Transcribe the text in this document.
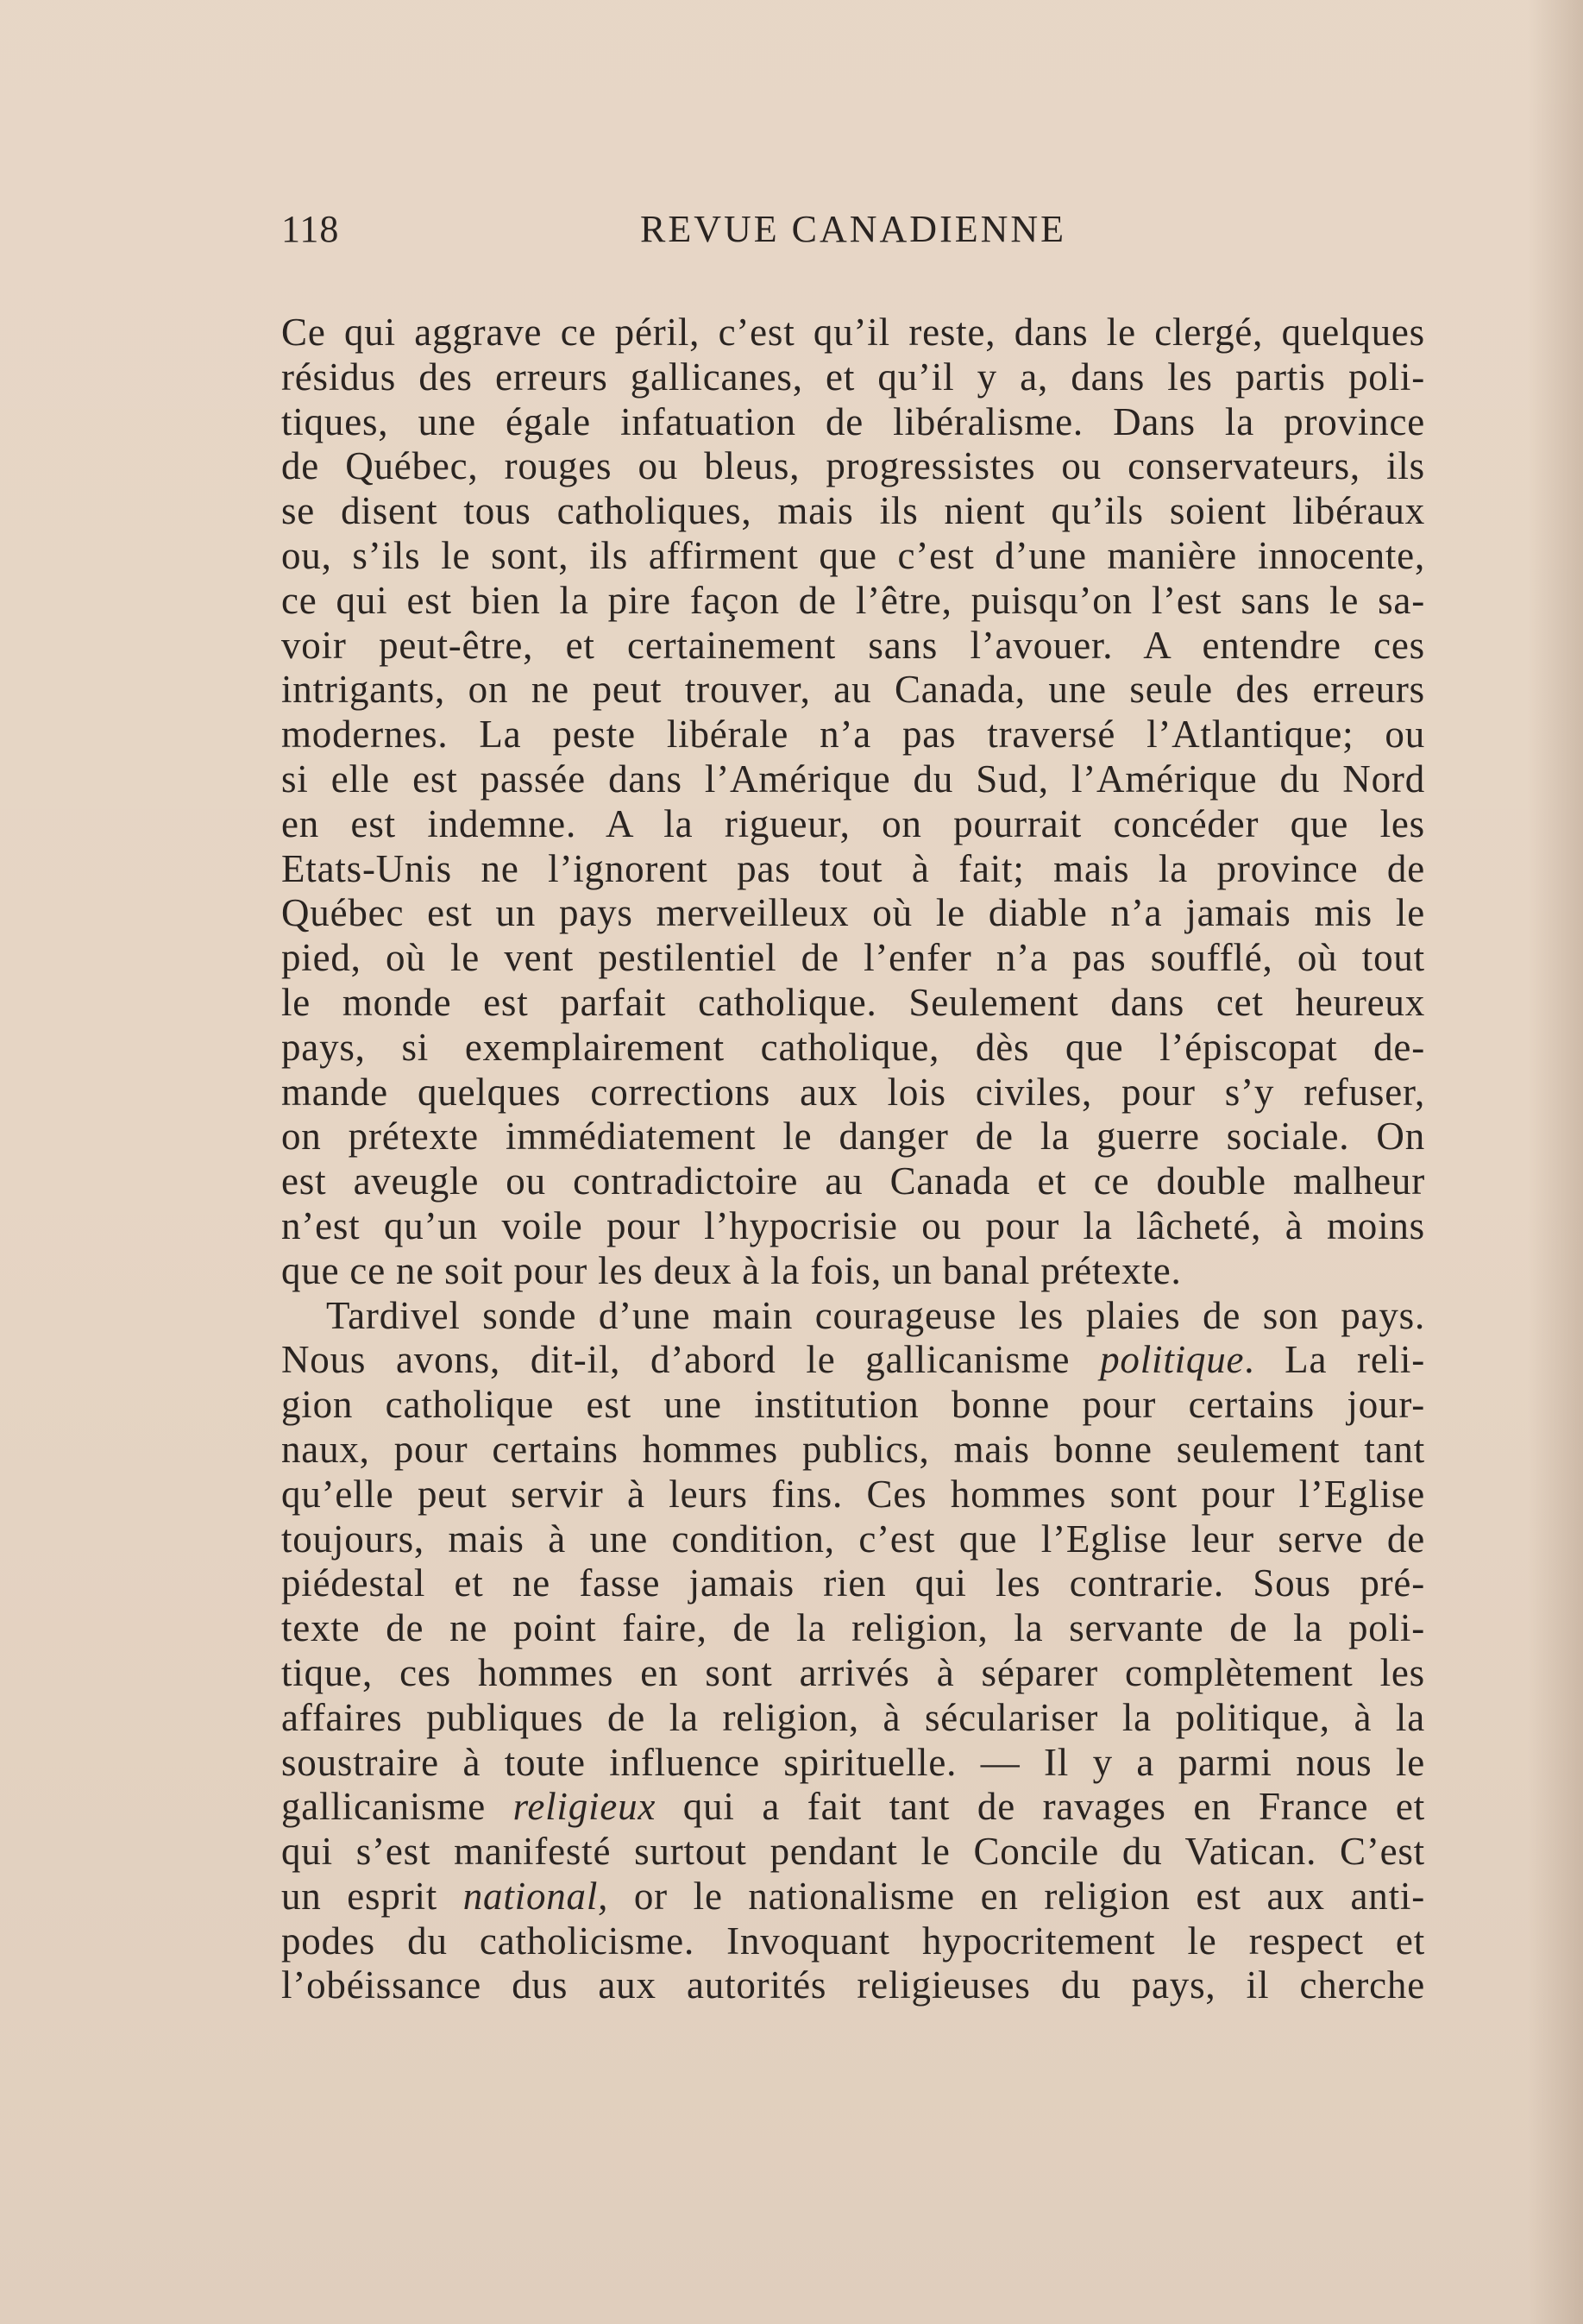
118	REVUE CANADIENNE
Ce qui aggrave ce péril, c’est qu’il reste, dans le clergé, quelques
résidus des erreurs gallicanes, et qu’il y a, dans les partis poli-
tiques, une égale infatuation de libéralisme. Dans la province
de Québec, rouges ou bleus, progressistes ou conservateurs, ils
se disent tous catholiques, mais ils nient qu’ils soient libéraux
ou, s’ils le sont, ils affirment que c’est d’une manière innocente,
ce qui est bien la pire façon de l’être, puisqu’on l’est sans le sa-
voir peut-être, et certainement sans l’avouer. A entendre ces
intrigants, on ne peut trouver, au Canada, une seule des erreurs
modernes. La peste libérale n’a pas traversé l’Atlantique; ou
si elle est passée dans l’Amérique du Sud, l’Amérique du Nord
en est indemne. A la rigueur, on pourrait concéder que les
Etats-Unis ne l’ignorent pas tout à fait; mais la province de
Québec est un pays merveilleux où le diable n’a jamais mis le
pied, où le vent pestilentiel de l’enfer n’a pas soufflé, où tout
le monde est parfait catholique. Seulement dans cet heureux
pays, si exemplairement catholique, dès que l’épiscopat de-
mande quelques corrections aux lois civiles, pour s’y refuser,
on prétexte immédiatement le danger de la guerre sociale. On
est aveugle ou contradictoire au Canada et ce double malheur
n’est qu’un voile pour l’hypocrisie ou pour la lâcheté, à moins
que ce ne soit pour les deux à la fois, un banal prétexte.
Tardivel sonde d’une main courageuse les plaies de son pays.
Nous avons, dit-il, d’abord le gallicanisme politique. La reli-
gion catholique est une institution bonne pour certains jour-
naux, pour certains hommes publics, mais bonne seulement tant
qu’elle peut servir à leurs fins. Ces hommes sont pour l’Eglise
toujours, mais à une condition, c’est que l’Eglise leur serve de
piédestal et ne fasse jamais rien qui les contrarie. Sous pré-
texte de ne point faire, de la religion, la servante de la poli-
tique, ces hommes en sont arrivés à séparer complètement les
affaires publiques de la religion, à séculariser la politique, à la
soustraire à toute influence spirituelle. — Il y a parmi nous le
gallicanisme religieux qui a fait tant de ravages en France et
qui s’est manifesté surtout pendant le Concile du Vatican. C’est
un esprit national, or le nationalisme en religion est aux anti-
podes du catholicisme. Invoquant hypocritement le respect et
l’obéissance dus aux autorités religieuses du pays, il cherche
